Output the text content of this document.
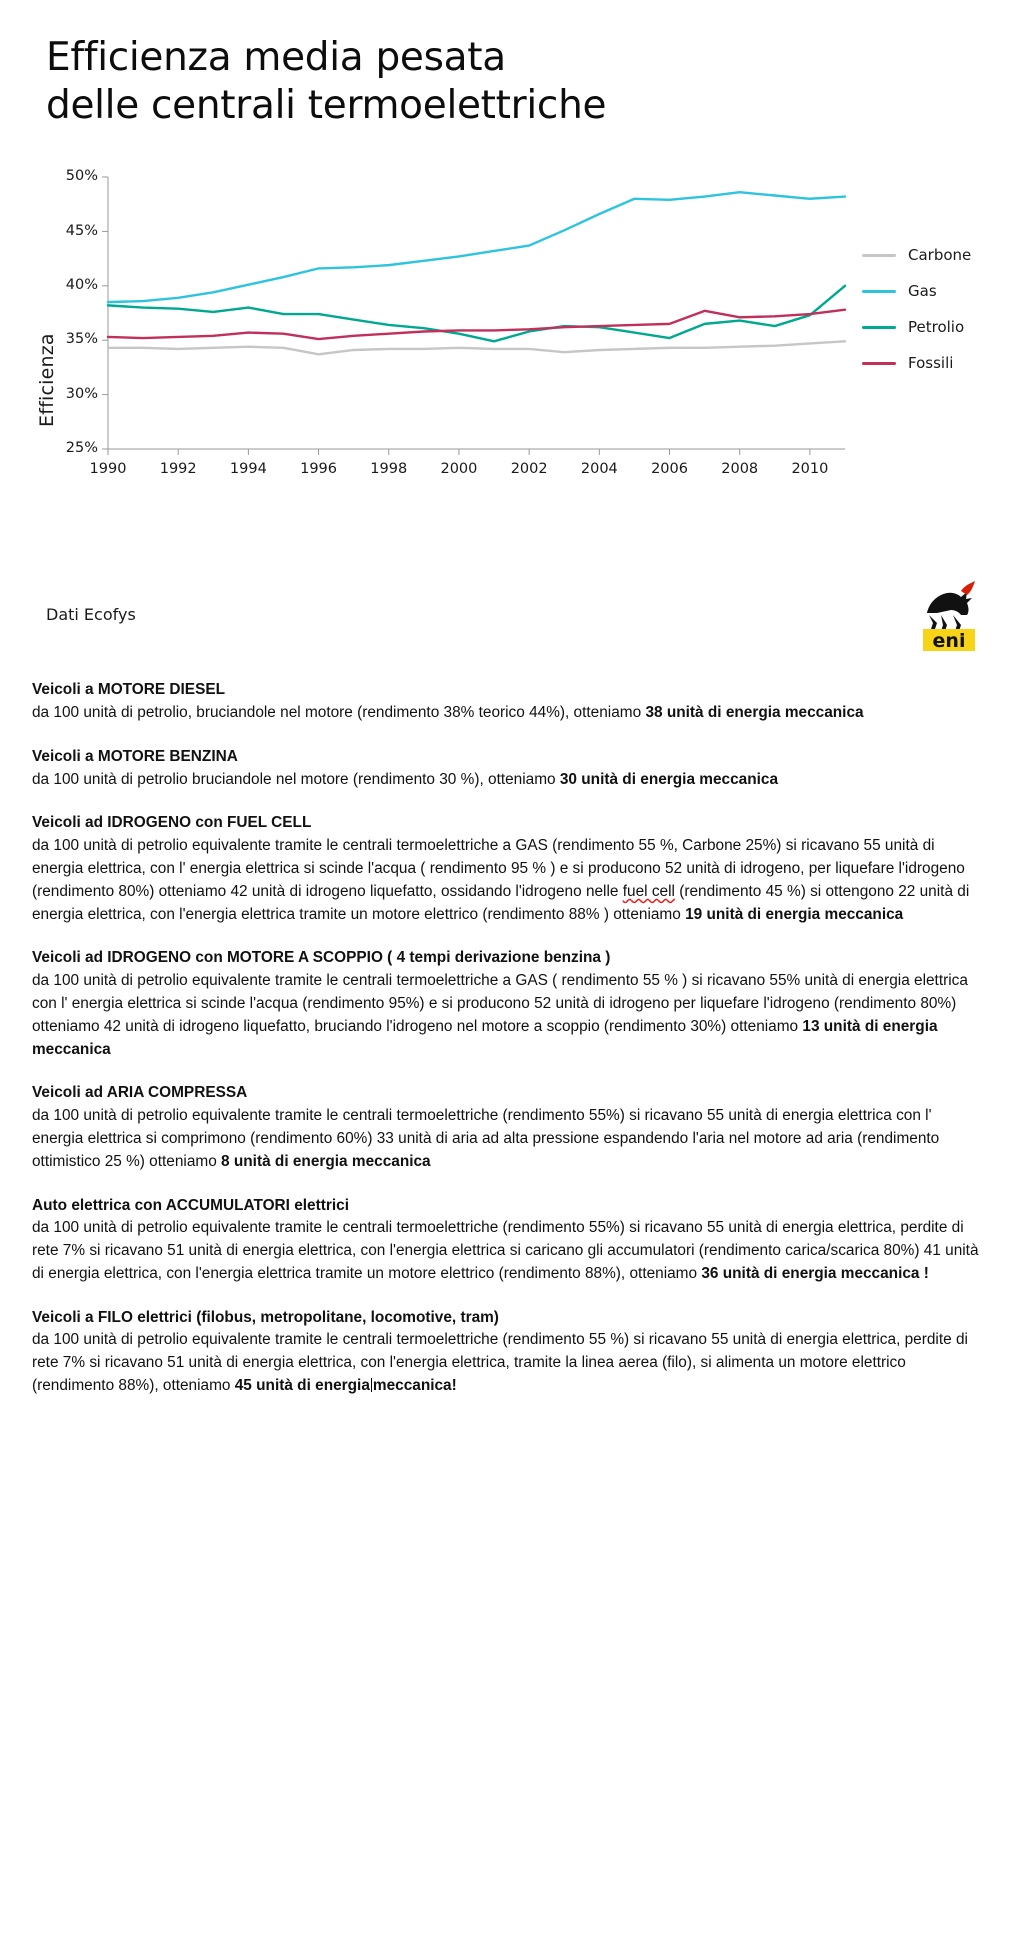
Efficienza media pesata
delle centrali termoelettriche
Efficienza
25%
30%
35%
40%
45%
50%
1990	1992	1994	1996	1998	2000	2002	2004	2006	2008	2010
Carbone
Gas
Petrolio
Fossili
Dati Ecofys
eni
Veicoli a MOTORE DIESEL
da 100 unità di petrolio, bruciandole nel motore (rendimento 38% teorico 44%), otteniamo 38 unità di energia meccanica
Veicoli a MOTORE BENZINA
da 100 unità di petrolio bruciandole nel motore (rendimento 30 %), otteniamo 30 unità di energia meccanica
Veicoli ad IDROGENO con FUEL CELL
da 100 unità di petrolio equivalente tramite le centrali termoelettriche a GAS (rendimento 55 %, Carbone 25%) si ricavano 55 unità di energia elettrica, con l' energia elettrica si scinde l'acqua ( rendimento 95 % ) e si producono 52 unità di idrogeno, per liquefare l'idrogeno (rendimento 80%) otteniamo 42 unità di idrogeno liquefatto, ossidando l'idrogeno nelle fuel cell (rendimento 45 %) si ottengono 22 unità di energia elettrica, con l'energia elettrica tramite un motore elettrico (rendimento 88% ) otteniamo 19 unità di energia meccanica
Veicoli ad IDROGENO con MOTORE A SCOPPIO ( 4 tempi derivazione benzina )
da 100 unità di petrolio equivalente tramite le centrali termoelettriche a GAS ( rendimento 55 % ) si ricavano 55% unità di energia elettrica con l' energia elettrica si scinde l'acqua (rendimento 95%) e si producono 52 unità di idrogeno per liquefare l'idrogeno (rendimento 80%) otteniamo 42 unità di idrogeno liquefatto, bruciando l'idrogeno nel motore a scoppio (rendimento 30%) otteniamo 13 unità di energia meccanica
Veicoli ad ARIA COMPRESSA
da 100 unità di petrolio equivalente tramite le centrali termoelettriche (rendimento 55%) si ricavano 55 unità di energia elettrica con l' energia elettrica si comprimono (rendimento 60%) 33 unità di aria ad alta pressione espandendo l'aria nel motore ad aria (rendimento ottimistico 25 %) otteniamo 8 unità di energia meccanica
Auto elettrica con ACCUMULATORI elettrici
da 100 unità di petrolio equivalente tramite le centrali termoelettriche (rendimento 55%) si ricavano 55 unità di energia elettrica, perdite di rete 7% si ricavano 51 unità di energia elettrica, con l'energia elettrica si caricano gli accumulatori (rendimento carica/scarica 80%) 41 unità di energia elettrica, con l'energia elettrica tramite un motore elettrico (rendimento 88%), otteniamo 36 unità di energia meccanica !
Veicoli a FILO elettrici (filobus, metropolitane, locomotive, tram)
da 100 unità di petrolio equivalente tramite le centrali termoelettriche (rendimento 55 %) si ricavano 55 unità di energia elettrica, perdite di rete 7% si ricavano 51 unità di energia elettrica, con l'energia elettrica, tramite la linea aerea (filo), si alimenta un motore elettrico (rendimento 88%), otteniamo 45 unità di energia meccanica!
